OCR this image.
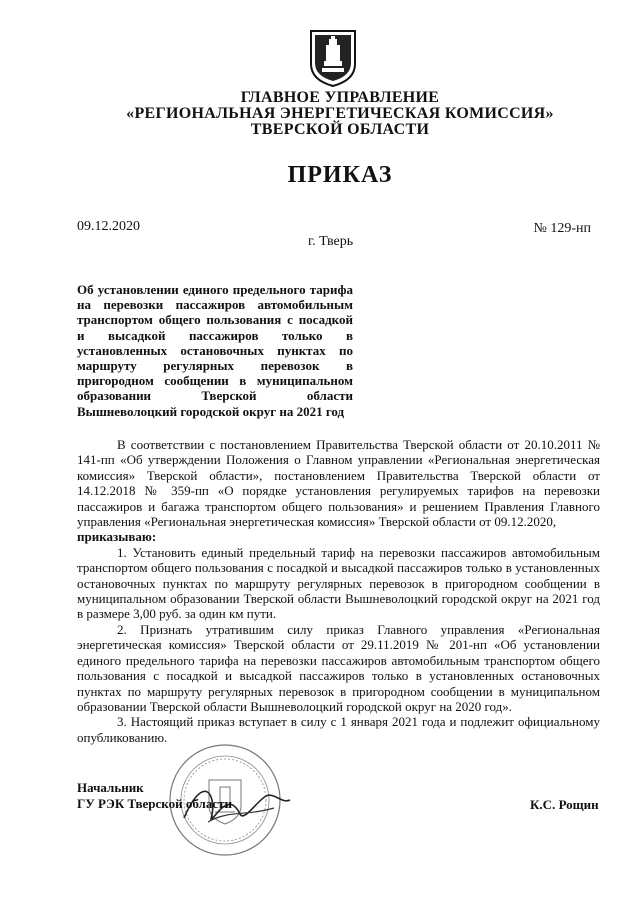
ГЛАВНОЕ УПРАВЛЕНИЕ
«РЕГИОНАЛЬНАЯ ЭНЕРГЕТИЧЕСКАЯ КОМИССИЯ»
ТВЕРСКОЙ ОБЛАСТИ
ПРИКАЗ
09.12.2020	№ 129-нп
г. Тверь
Об установлении единого предельного тарифа на перевозки пассажиров автомобильным транспортом общего пользования с посадкой и высадкой пассажиров только в установленных остановочных пунктах по маршруту регулярных перевозок в пригородном сообщении в муниципальном образовании Тверской области Вышневолоцкий городской округ на 2021 год

В соответствии с постановлением Правительства Тверской области от 20.10.2011 № 141-пп «Об утверждении Положения о Главном управлении «Региональная энергетическая комиссия» Тверской области», постановлением Правительства Тверской области от 14.12.2018 № 359-пп «О порядке установления регулируемых тарифов на перевозки пассажиров и багажа транспортом общего пользования» и решением Правления Главного управления «Региональная энергетическая комиссия» Тверской области от 09.12.2020,

приказываю:

1. Установить единый предельный тариф на перевозки пассажиров автомобильным транспортом общего пользования с посадкой и высадкой пассажиров только в установленных остановочных пунктах по маршруту регулярных перевозок в пригородном сообщении в муниципальном образовании Тверской области Вышневолоцкий городской округ на 2021 год в размере 3,00 руб. за один км пути.

2. Признать утратившим силу приказ Главного управления «Региональная энергетическая комиссия» Тверской области от 29.11.2019 № 201-нп «Об установлении единого предельного тарифа на перевозки пассажиров автомобильным транспортом общего пользования с посадкой и высадкой пассажиров только в установленных остановочных пунктах по маршруту регулярных перевозок в пригородном сообщении в муниципальном образовании Тверской области Вышневолоцкий городской округ на 2020 год».

3. Настоящий приказ вступает в силу с 1 января 2021 года и подлежит официальному опубликованию.

Начальник
ГУ РЭК Тверской области	К.С. Рощин
